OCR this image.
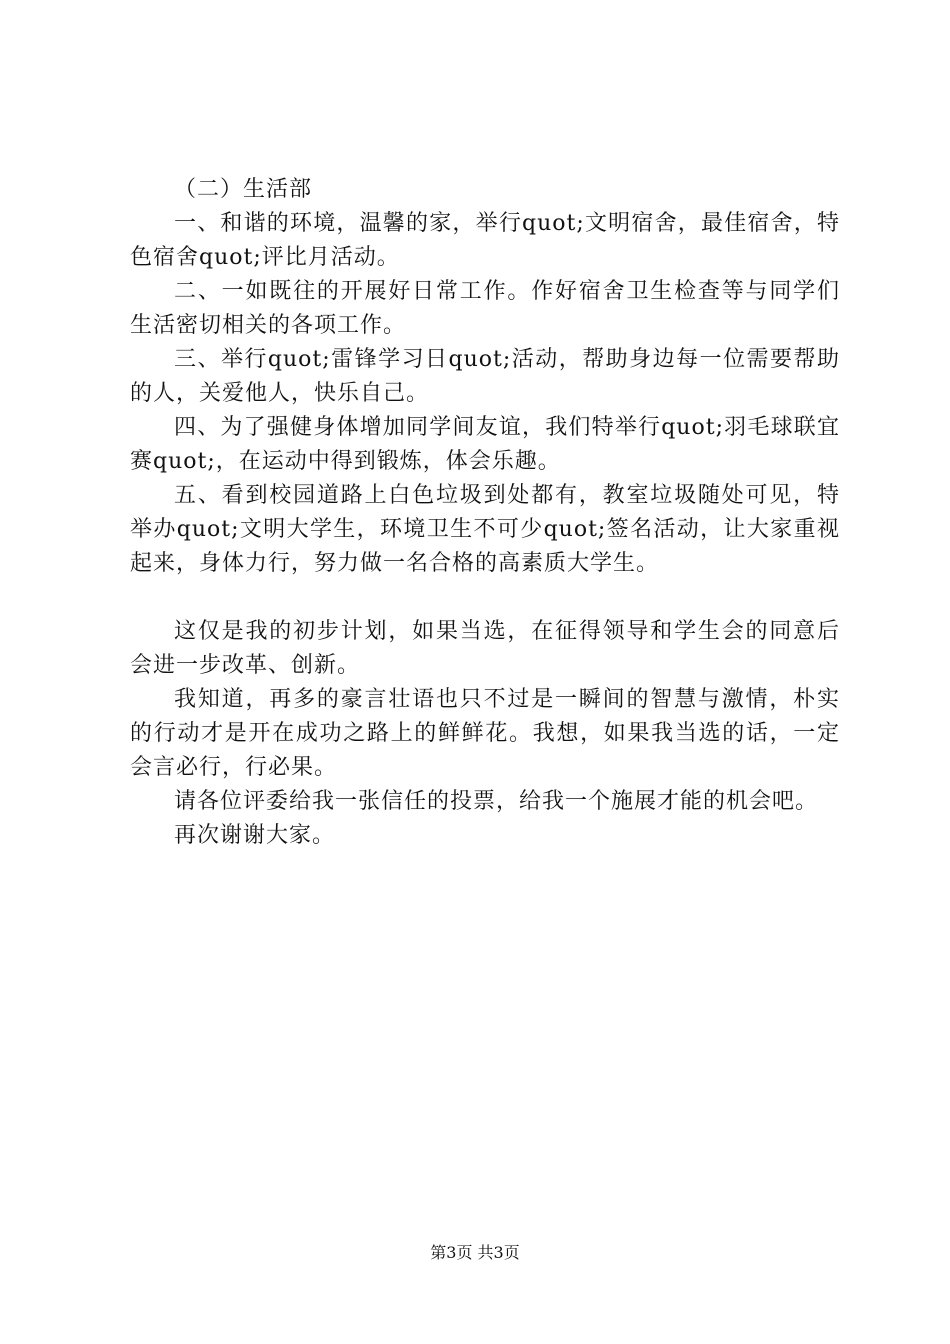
（二）生活部

一、和谐的环境，温馨的家，举行quot;文明宿舍，最佳宿舍，特色宿舍quot;评比月活动。

二、一如既往的开展好日常工作。作好宿舍卫生检查等与同学们生活密切相关的各项工作。

三、举行quot;雷锋学习日quot;活动，帮助身边每一位需要帮助的人，关爱他人，快乐自己。

四、为了强健身体增加同学间友谊，我们特举行quot;羽毛球联宜赛quot;，在运动中得到锻炼，体会乐趣。

五、看到校园道路上白色垃圾到处都有，教室垃圾随处可见，特举办quot;文明大学生，环境卫生不可少quot;签名活动，让大家重视起来，身体力行，努力做一名合格的高素质大学生。

这仅是我的初步计划，如果当选，在征得领导和学生会的同意后会进一步改革、创新。

我知道，再多的豪言壮语也只不过是一瞬间的智慧与激情，朴实的行动才是开在成功之路上的鲜鲜花。我想，如果我当选的话，一定会言必行，行必果。

请各位评委给我一张信任的投票，给我一个施展才能的机会吧。

再次谢谢大家。

第3页 共3页
